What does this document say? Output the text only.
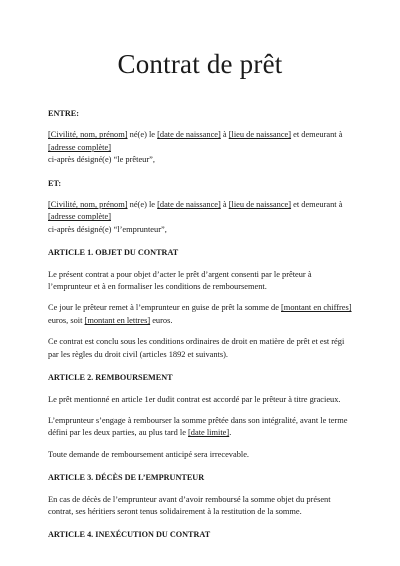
Contrat de prêt

ENTRE:

[Civilité, nom, prénom] né(e) le [date de naissance] à [lieu de naissance] et demeurant à
[adresse complète]
ci-après désigné(e) “le prêteur”,

ET:

[Civilité, nom, prénom] né(e) le [date de naissance] à [lieu de naissance] et demeurant à
[adresse complète]
ci-après désigné(e) “l’emprunteur”,

ARTICLE 1. OBJET DU CONTRAT

Le présent contrat a pour objet d’acter le prêt d’argent consenti par le prêteur à l’emprunteur et à en formaliser les conditions de remboursement.

Ce jour le prêteur remet à l’emprunteur en guise de prêt la somme de [montant en chiffres] euros, soit [montant en lettres] euros.

Ce contrat est conclu sous les conditions ordinaires de droit en matière de prêt et est régi par les règles du droit civil (articles 1892 et suivants).

ARTICLE 2. REMBOURSEMENT

Le prêt mentionné en article 1er dudit contrat est accordé par le prêteur à titre gracieux.

L’emprunteur s’engage à rembourser la somme prêtée dans son intégralité, avant le terme défini par les deux parties, au plus tard le [date limite].

Toute demande de remboursement anticipé sera irrecevable.

ARTICLE 3. DÉCÈS DE L’EMPRUNTEUR

En cas de décès de l’emprunteur avant d’avoir remboursé la somme objet du présent contrat, ses héritiers seront tenus solidairement à la restitution de la somme.

ARTICLE 4. INEXÉCUTION DU CONTRAT
